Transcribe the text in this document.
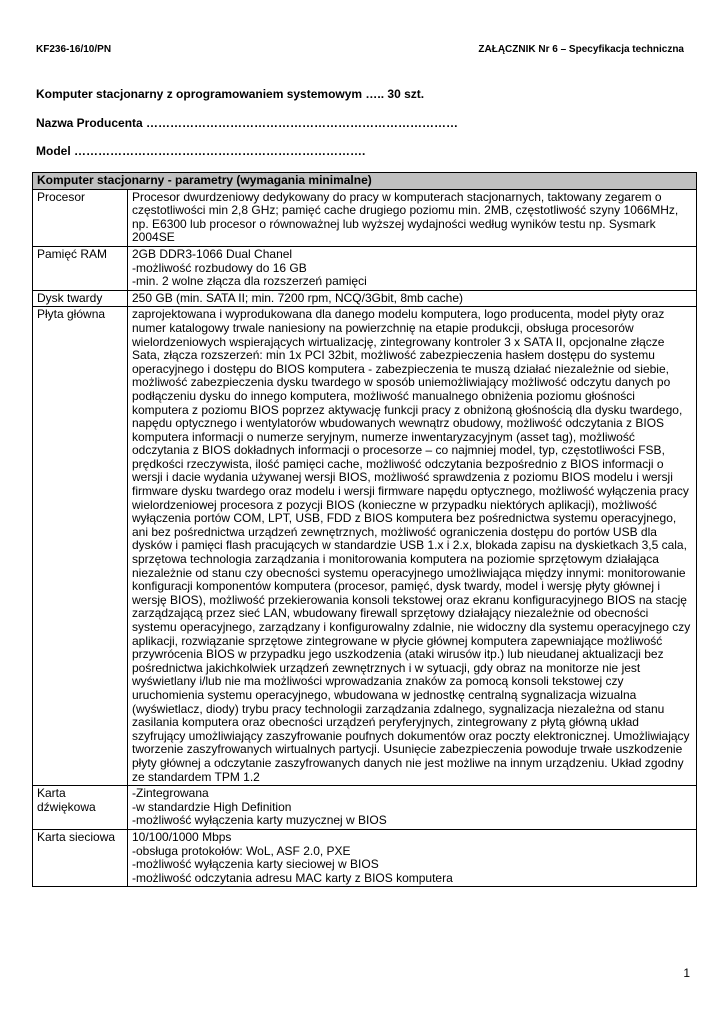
KF236-16/10/PN	ZAŁĄCZNIK Nr 6 – Specyfikacja techniczna
Komputer stacjonarny z oprogramowaniem systemowym ….. 30 szt.
Nazwa Producenta ……………………………………………………………………
Model ……………………………………………………………….
Komputer stacjonarny - parametry (wymagania minimalne)	
Procesor	Procesor dwurdzeniowy dedykowany do pracy w komputerach stacjonarnych, taktowany zegarem o częstotliwości min 2,8 GHz; pamięć cache drugiego poziomu min. 2MB, częstotliwość szyny 1066MHz, np. E6300 lub procesor o równoważnej lub wyższej wydajności według wyników testu np. Sysmark 2004SE
Pamięć RAM	2GB DDR3-1066 Dual Chanel
-możliwość rozbudowy do 16 GB
-min. 2 wolne złącza dla rozszerzeń pamięci
Dysk twardy	250 GB (min. SATA II; min. 7200 rpm, NCQ/3Gbit, 8mb cache)
Płyta główna	zaprojektowana i wyprodukowana dla danego modelu komputera, logo producenta, model płyty oraz numer katalogowy trwale naniesiony na powierzchnię na etapie produkcji, obsługa procesorów wielordzeniowych wspierających wirtualizację, zintegrowany kontroler 3 x SATA II, opcjonalne złącze Sata, złącza rozszerzeń: min 1x PCI 32bit, możliwość zabezpieczenia hasłem dostępu do systemu operacyjnego i dostępu do BIOS komputera - zabezpieczenia te muszą działać niezależnie od siebie, możliwość zabezpieczenia dysku twardego w sposób uniemożliwiający możliwość odczytu danych po podłączeniu dysku do innego komputera, możliwość manualnego obniżenia poziomu głośności komputera z poziomu BIOS poprzez aktywację funkcji pracy z obniżoną głośnością dla dysku twardego, napędu optycznego i wentylatorów wbudowanych wewnątrz obudowy, możliwość odczytania z BIOS komputera informacji o numerze seryjnym, numerze inwentaryzacyjnym (asset tag), możliwość odczytania z BIOS dokładnych informacji o procesorze – co najmniej model, typ, częstotliwości FSB, prędkości rzeczywista, ilość pamięci cache, możliwość odczytania bezpośrednio z BIOS informacji o wersji i dacie wydania używanej wersji BIOS, możliwość sprawdzenia z poziomu BIOS modelu i wersji firmware dysku twardego oraz modelu i wersji firmware napędu optycznego, możliwość wyłączenia pracy wielordzeniowej procesora z pozycji BIOS (konieczne w przypadku niektórych aplikacji), możliwość wyłączenia portów COM, LPT, USB, FDD z BIOS komputera bez pośrednictwa systemu operacyjnego, ani bez pośrednictwa urządzeń zewnętrznych, możliwość ograniczenia dostępu do portów USB dla dysków i pamięci flash pracujących w standardzie USB 1.x i 2.x, blokada zapisu na dyskietkach 3,5 cala, sprzętowa technologia zarządzania i monitorowania komputera na poziomie sprzętowym działająca niezależnie od stanu czy obecności systemu operacyjnego umożliwiająca między innymi: monitorowanie konfiguracji komponentów komputera (procesor, pamięć, dysk twardy, model i wersję płyty głównej i wersję BIOS), możliwość przekierowania konsoli tekstowej oraz ekranu konfiguracyjnego BIOS na stację zarządzającą przez sieć LAN, wbudowany firewall sprzętowy działający niezależnie od obecności systemu operacyjnego, zarządzany i konfigurowalny zdalnie, nie widoczny dla systemu operacyjnego czy aplikacji, rozwiązanie sprzętowe zintegrowane w płycie głównej komputera zapewniające możliwość przywrócenia BIOS w przypadku jego uszkodzenia (ataki wirusów itp.) lub nieudanej aktualizacji bez pośrednictwa jakichkolwiek urządzeń zewnętrznych i w sytuacji, gdy obraz na monitorze nie jest wyświetlany i/lub nie ma możliwości wprowadzania znaków za pomocą konsoli tekstowej czy uruchomienia systemu operacyjnego, wbudowana w jednostkę centralną sygnalizacja wizualna (wyświetlacz, diody) trybu pracy technologii zarządzania zdalnego, sygnalizacja niezależna od stanu zasilania komputera oraz obecności urządzeń peryferyjnych, zintegrowany z płytą główną układ szyfrujący umożliwiający zaszyfrowanie poufnych dokumentów oraz poczty elektronicznej. Umożliwiający tworzenie zaszyfrowanych wirtualnych partycji. Usunięcie zabezpieczenia powoduje trwałe uszkodzenie płyty głównej a odczytanie zaszyfrowanych danych nie jest możliwe na innym urządzeniu. Układ zgodny ze standardem TPM 1.2
Karta dźwiękowa	-Zintegrowana
-w standardzie High Definition
-możliwość wyłączenia karty muzycznej w BIOS
Karta sieciowa	10/100/1000 Mbps
-obsługa protokołów: WoL, ASF 2.0, PXE
-możliwość wyłączenia karty sieciowej w BIOS
-możliwość odczytania adresu MAC karty z BIOS komputera
1
